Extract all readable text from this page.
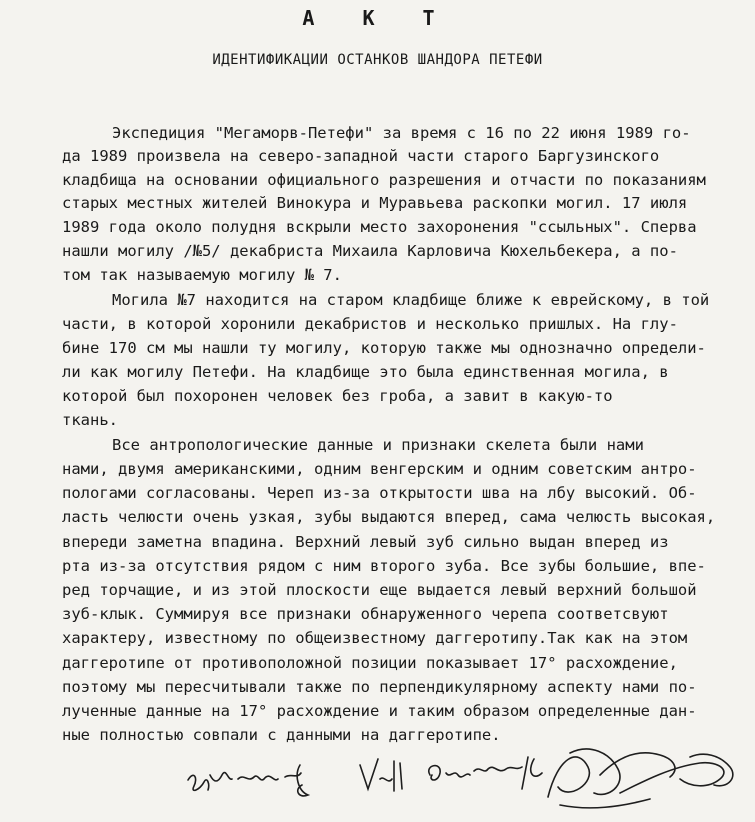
А К Т
ИДЕНТИФИКАЦИИ ОСТАНКОВ ШАНДОРА ПЕТЕФИ
Экспедиция "Мегаморв-Петефи" за время с 16 по 22 июня 1989 го-
да 1989 произвела на северо-западной части старого Баргузинского
кладбища на основании официального разрешения и отчасти по показаниям
старых местных жителей Винокура и Муравьева раскопки могил. 17 июля
1989 года около полудня вскрыли место захоронения "ссыльных". Сперва
нашли могилу /№5/ декабриста Михаила Карловича Кюхельбекера, а по-
том так называемую могилу № 7.
Могила №7 находится на старом кладбище ближе к еврейскому, в той
части, в которой хоронили декабристов и несколько пришлых. На глу-
бине 170 см мы нашли ту могилу, которую также мы однозначно определи-
ли как могилу Петефи. На кладбище это была единственная могила, в
которой был похоронен человек без гроба, а завит в какую-то
ткань.
Все антропологические данные и признаки скелета были нами
нами, двумя американскими, одним венгерским и одним советским антро-
пологами согласованы. Череп из-за открытости шва на лбу высокий. Об-
ласть челюсти очень узкая, зубы выдаются вперед, сама челюсть высокая,
впереди заметна впадина. Верхний левый зуб сильно выдан вперед из
рта из-за отсутствия рядом с ним второго зуба. Все зубы большие, впе-
ред торчащие, и из этой плоскости еще выдается левый верхний большой
зуб-клык. Суммируя все признаки обнаруженного черепа соответсвуют
характеру, известному по общеизвестному даггеротипу.Так как на этом
даггеротипе от противоположной позиции показывает 17° расхождение,
поэтому мы пересчитывали также по перпендикулярному аспекту нами по-
лученные данные на 17° расхождение и таким образом определенные дан-
ные полностью совпали с данными на даггеротипе.
